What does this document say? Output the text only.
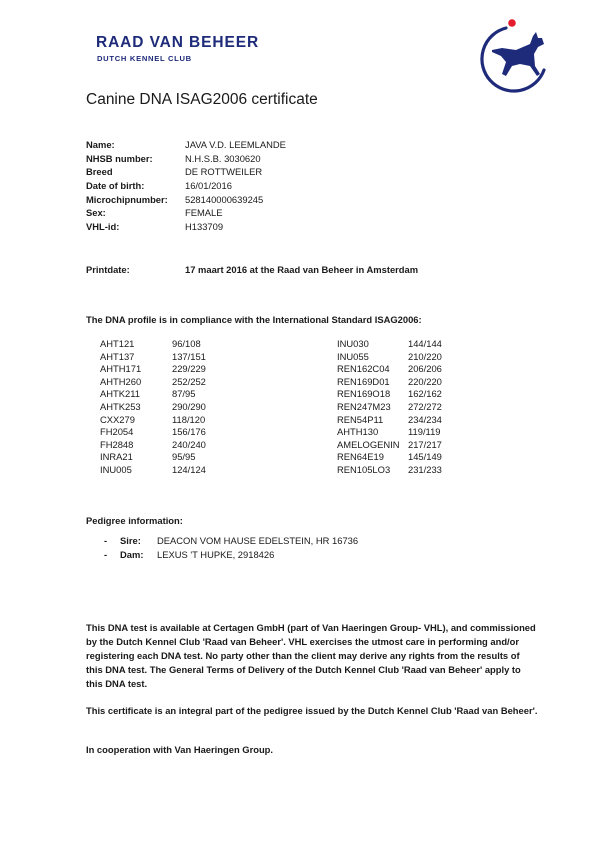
RAAD VAN BEHEER
DUTCH KENNEL CLUB
Canine DNA ISAG2006 certificate
Name:	JAVA V.D. LEEMLANDE
NHSB number:	N.H.S.B. 3030620
Breed	DE ROTTWEILER
Date of birth:	16/01/2016
Microchipnumber: 528140000639245
Sex:	FEMALE
VHL-id:	H133709
Printdate:	17 maart 2016 at the Raad van Beheer in Amsterdam
The DNA profile is in compliance with the International Standard ISAG2006:
AHT121	96/108
AHT137	137/151
AHTH171	229/229
AHTH260	252/252
AHTK211	87/95
AHTK253	290/290
CXX279	118/120
FH2054	156/176
FH2848	240/240
INRA21	95/95
INU005	124/124
INU030	144/144
INU055	210/220
REN162C04 206/206
REN169D01 220/220
REN169O18 162/162
REN247M23 272/272
REN54P11	234/234
AHTH130	119/119
AMELOGENIN 217/217
REN64E19	145/149
REN105LO3 231/233
Pedigree information:
- Sire: DEACON VOM HAUSE EDELSTEIN, HR 16736
- Dam: LEXUS 'T HUPKE, 2918426
This DNA test is available at Certagen GmbH (part of Van Haeringen Group- VHL), and commissioned by the Dutch Kennel Club 'Raad van Beheer'. VHL exercises the utmost care in performing and/or registering each DNA test. No party other than the client may derive any rights from the results of this DNA test. The General Terms of Delivery of the Dutch Kennel Club 'Raad van Beheer' apply to this DNA test.
This certificate is an integral part of the pedigree issued by the Dutch Kennel Club 'Raad van Beheer'.
In cooperation with Van Haeringen Group.
